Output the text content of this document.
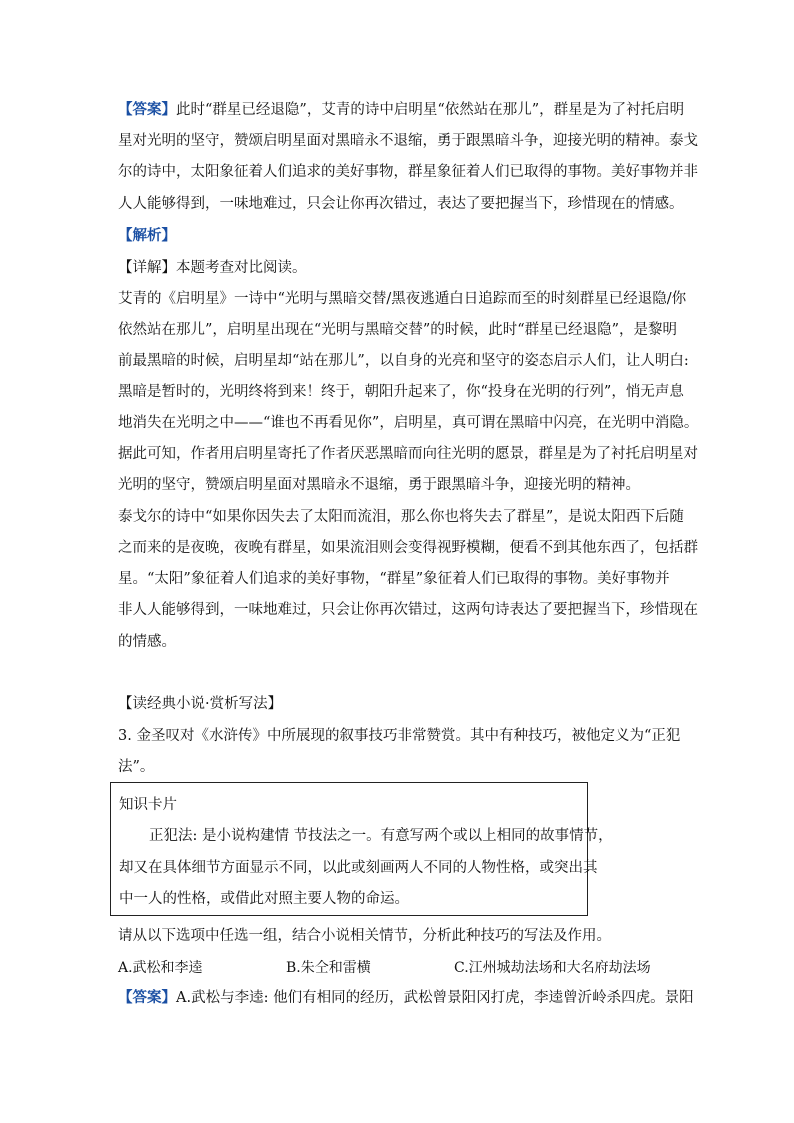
【答案】此时“群星已经退隐”，艾青的诗中启明星“依然站在那儿”，群星是为了衬托启明
星对光明的坚守，赞颂启明星面对黑暗永不退缩，勇于跟黑暗斗争，迎接光明的精神。泰戈
尔的诗中，太阳象征着人们追求的美好事物，群星象征着人们已取得的事物。美好事物并非
人人能够得到，一味地难过，只会让你再次错过，表达了要把握当下，珍惜现在的情感。
【解析】
【详解】本题考查对比阅读。
艾青的《启明星》一诗中“光明与黑暗交替/黑夜逃遁白日追踪而至的时刻群星已经退隐/你
依然站在那儿”，启明星出现在“光明与黑暗交替”的时候，此时“群星已经退隐”，是黎明
前最黑暗的时候，启明星却“站在那儿”，以自身的光亮和坚守的姿态启示人们，让人明白:
黑暗是暂时的，光明终将到来！终于，朝阳升起来了，你“投身在光明的行列”，悄无声息
地消失在光明之中——“谁也不再看见你”，启明星，真可谓在黑暗中闪亮，在光明中消隐。
据此可知，作者用启明星寄托了作者厌恶黑暗而向往光明的愿景，群星是为了衬托启明星对
光明的坚守，赞颂启明星面对黑暗永不退缩，勇于跟黑暗斗争，迎接光明的精神。
泰戈尔的诗中“如果你因失去了太阳而流泪，那么你也将失去了群星”，是说太阳西下后随
之而来的是夜晚，夜晚有群星，如果流泪则会变得视野模糊，便看不到其他东西了，包括群
星。“太阳”象征着人们追求的美好事物，“群星”象征着人们已取得的事物。美好事物并
非人人能够得到，一味地难过，只会让你再次错过，这两句诗表达了要把握当下，珍惜现在
的情感。
【读经典小说·赏析写法】
3. 金圣叹对《水浒传》中所展现的叙事技巧非常赞赏。其中有种技巧，被他定义为“正犯
法”。
知识卡片
正犯法: 是小说构建情 节技法之一。有意写两个或以上相同的故事情节，
却又在具体细节方面显示不同，以此或刻画两人不同的人物性格，或突出其
中一人的性格，或借此对照主要人物的命运。
请从以下选项中任选一组，结合小说相关情节，分析此种技巧的写法及作用。
A.武松和李逵	B.朱仝和雷横	C.江州城劫法场和大名府劫法场
【答案】A.武松与李逵: 他们有相同的经历，武松曾景阳冈打虎，李逵曾沂岭杀四虎。景阳
